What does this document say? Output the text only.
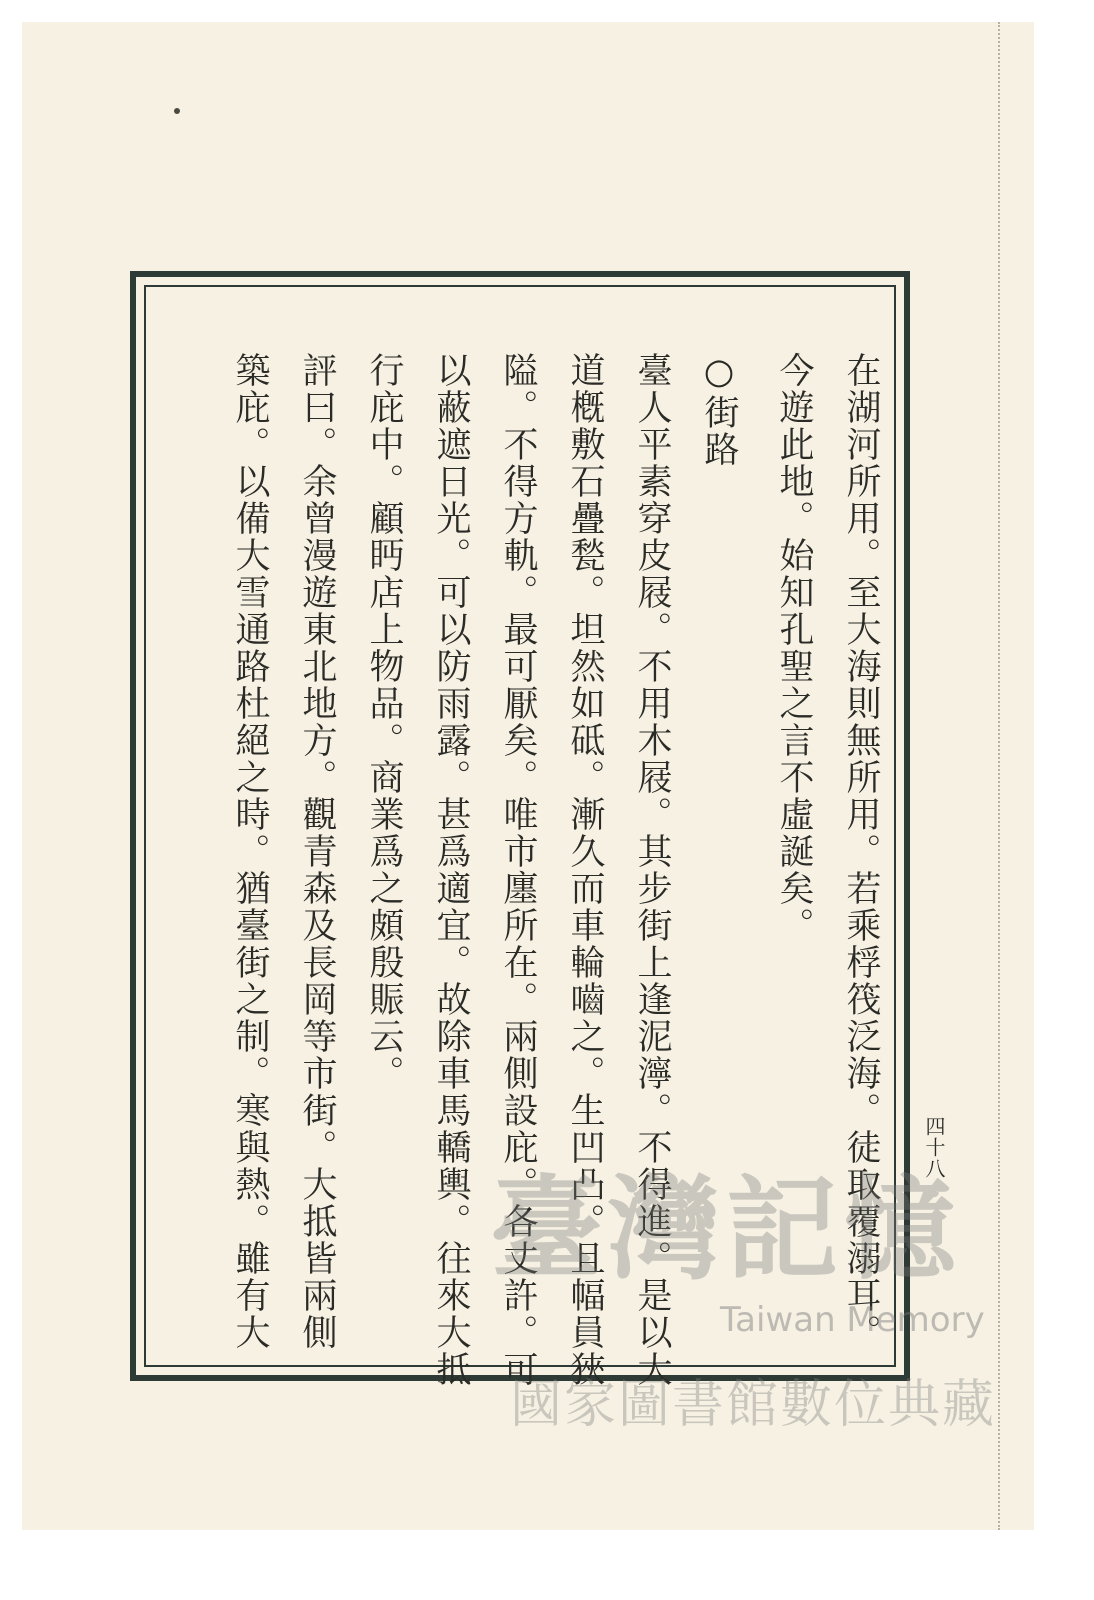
在湖河所用。至大海則無所用。若乘桴筏泛海。徒取覆溺耳。
今遊此地。始知孔聖之言不虛誕矣。
○街路
臺人平素穿皮屐。不用木屐。其步街上逢泥濘。不得進。是以大
道槪敷石疊甃。坦然如砥。漸久而車輪嚙之。生凹凸。且幅員狹
隘。不得方軌。最可厭矣。唯市廛所在。兩側設庇。各丈許。可
以蔽遮日光。可以防雨露。甚爲適宜。故除車馬轎輿。往來大抵
行庇中。顧眄店上物品。商業爲之頗殷賑云。
評曰。余曾漫遊東北地方。觀青森及長岡等市街。大抵皆兩側
築庇。以備大雪通路杜絕之時。猶臺街之制。寒與熱。雖有大	四十八
臺灣記憶
Taiwan Memory
國家圖書館數位典藏
